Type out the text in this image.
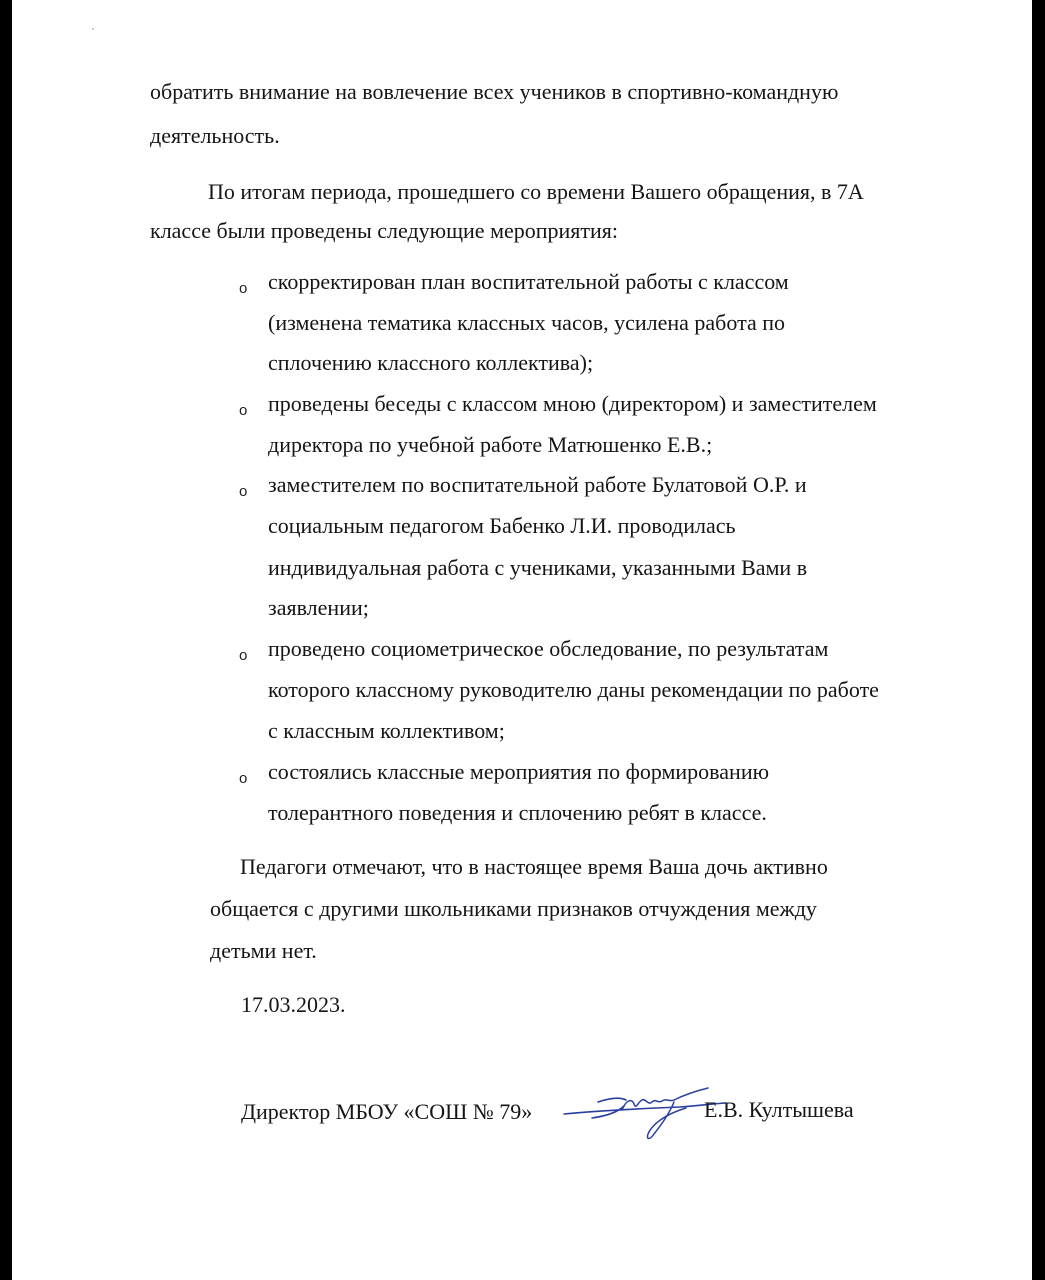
обратить внимание на вовлечение всех учеников в спортивно-командную

деятельность.

По итогам периода, прошедшего со времени Вашего обращения, в 7А

классе были проведены следующие мероприятия:

o скорректирован план воспитательной работы с классом

(изменена тематика классных часов, усилена работа по

сплочению классного коллектива);

o проведены беседы с классом мною (директором) и заместителем

директора по учебной работе Матюшенко Е.В.;

o заместителем по воспитательной работе Булатовой О.Р. и

социальным педагогом Бабенко Л.И. проводилась

индивидуальная работа с учениками, указанными Вами в

заявлении;

o проведено социометрическое обследование, по результатам

которого классному руководителю даны рекомендации по работе

с классным коллективом;

o состоялись классные мероприятия по формированию

толерантного поведения и сплочению ребят в классе.

Педагоги отмечают, что в настоящее время Ваша дочь активно

общается с другими школьниками признаков отчуждения между

детьми нет.

17.03.2023.

Директор МБОУ «СОШ № 79»	Е.В. Култышева
